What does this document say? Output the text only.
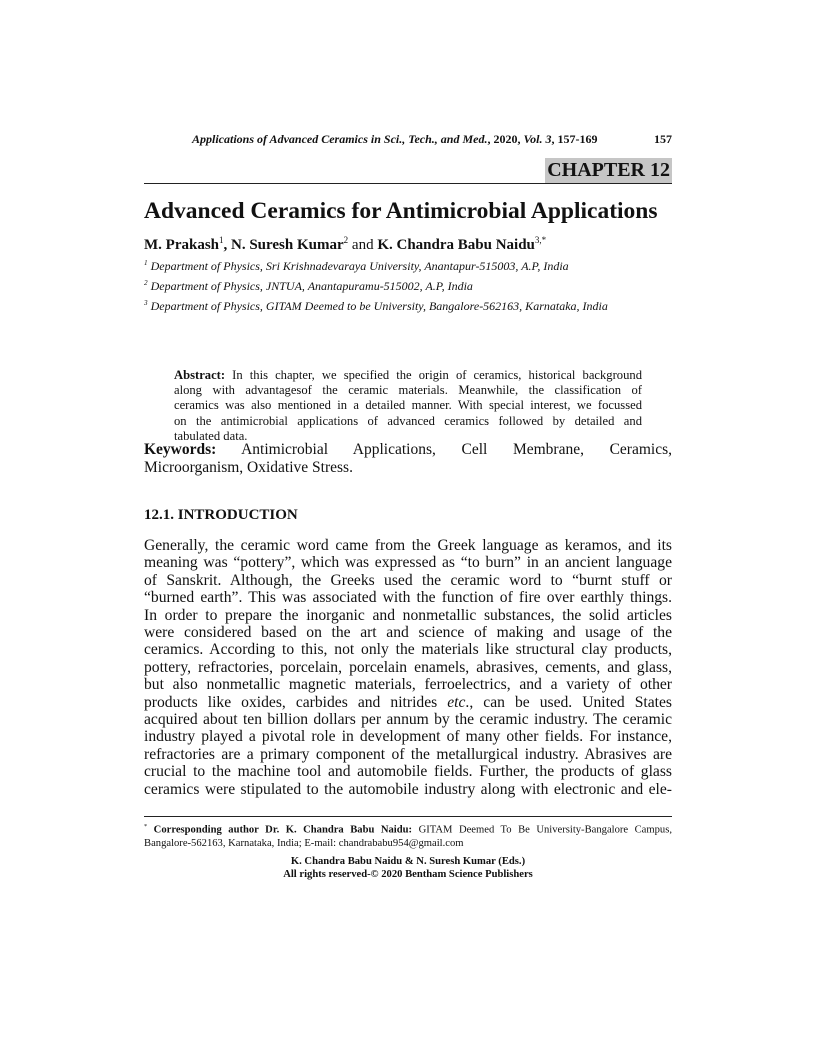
Applications of Advanced Ceramics in Sci., Tech., and Med., 2020, Vol. 3, 157-169	157
CHAPTER 12
Advanced Ceramics for Antimicrobial Applications
M. Prakash$^1$, N. Suresh Kumar$^2$ and K. Chandra Babu Naidu$^{3,*}$
$^1$ Department of Physics, Sri Krishnadevaraya University, Anantapur-515003, A.P, India
$^2$ Department of Physics, JNTUA, Anantapuramu-515002, A.P, India
$^3$ Department of Physics, GITAM Deemed to be University, Bangalore-562163, Karnataka, India
Abstract: In this chapter, we specified the origin of ceramics, historical background
along with advantagesof the ceramic materials. Meanwhile, the classification of
ceramics was also mentioned in a detailed manner. With special interest, we focussed
on the antimicrobial applications of advanced ceramics followed by detailed and
tabulated data.
Keywords: Antimicrobial Applications, Cell Membrane, Ceramics,
Microorganism, Oxidative Stress.
12.1. INTRODUCTION
Generally, the ceramic word came from the Greek language as keramos, and its
meaning was “pottery”, which was expressed as “to burn” in an ancient language
of Sanskrit. Although, the Greeks used the ceramic word to “burnt stuff or
“burned earth”. This was associated with the function of fire over earthly things.
In order to prepare the inorganic and nonmetallic substances, the solid articles
were considered based on the art and science of making and usage of the
ceramics. According to this, not only the materials like structural clay products,
pottery, refractories, porcelain, porcelain enamels, abrasives, cements, and glass,
but also nonmetallic magnetic materials, ferroelectrics, and a variety of other
products like oxides, carbides and nitrides etc., can be used. United States
acquired about ten billion dollars per annum by the ceramic industry. The ceramic
industry played a pivotal role in development of many other fields. For instance,
refractories are a primary component of the metallurgical industry. Abrasives are
crucial to the machine tool and automobile fields. Further, the products of glass
ceramics were stipulated to the automobile industry along with electronic and ele-
* Corresponding author Dr. K. Chandra Babu Naidu: GITAM Deemed To Be University-Bangalore Campus,
Bangalore-562163, Karnataka, India; E-mail: chandrababu954@gmail.com
K. Chandra Babu Naidu & N. Suresh Kumar (Eds.)
All rights reserved-© 2020 Bentham Science Publishers
